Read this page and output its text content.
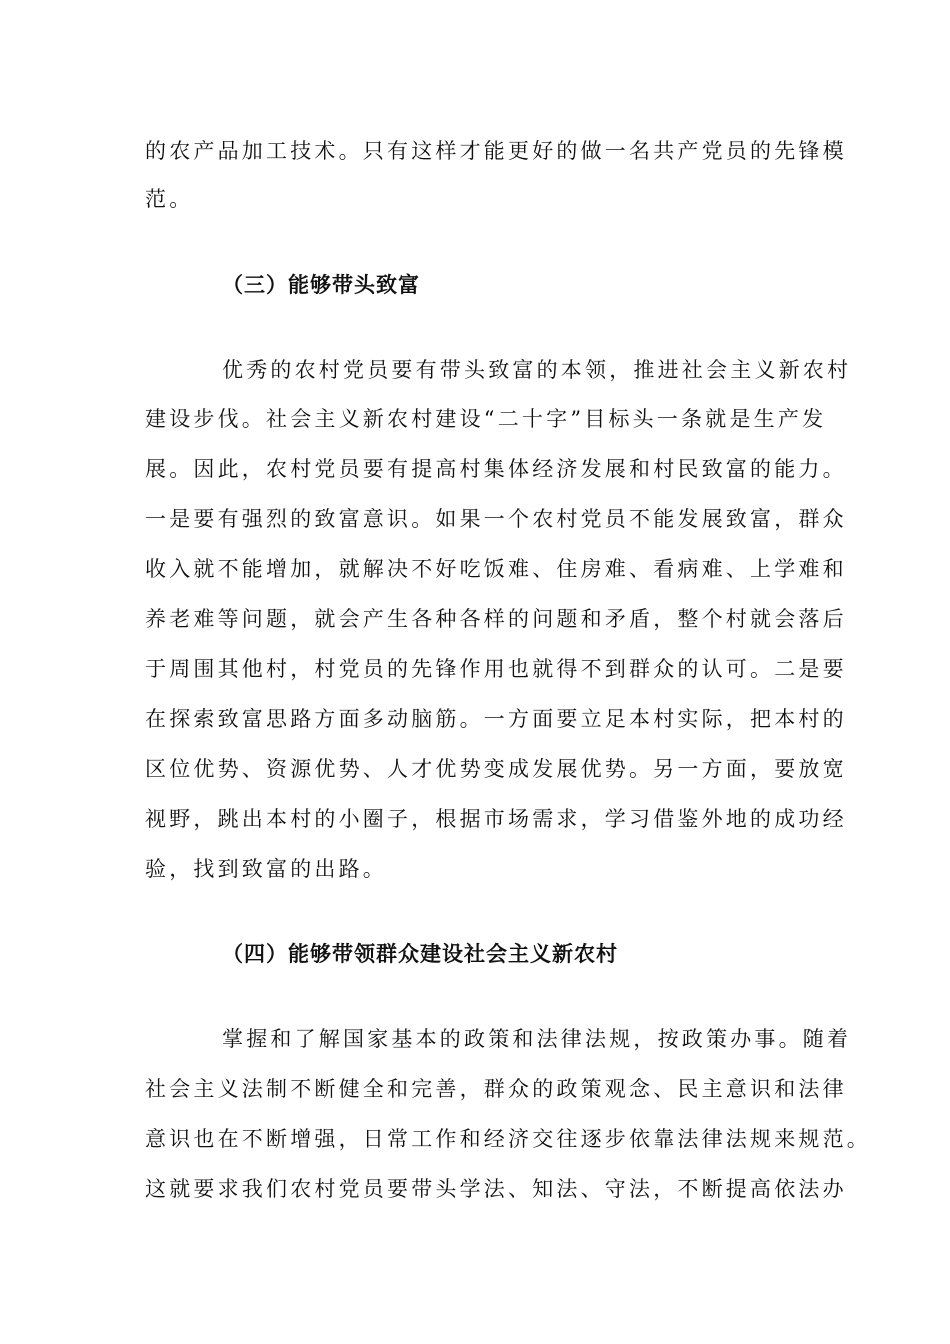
的农产品加工技术。只有这样才能更好的做一名共产党员的先锋模
范。
（三）能够带头致富
优秀的农村党员要有带头致富的本领，推进社会主义新农村
建设步伐。社会主义新农村建设“二十字”目标头一条就是生产发
展。因此，农村党员要有提高村集体经济发展和村民致富的能力。
一是要有强烈的致富意识。如果一个农村党员不能发展致富，群众
收入就不能增加，就解决不好吃饭难、住房难、看病难、上学难和
养老难等问题，就会产生各种各样的问题和矛盾，整个村就会落后
于周围其他村，村党员的先锋作用也就得不到群众的认可。二是要
在探索致富思路方面多动脑筋。一方面要立足本村实际，把本村的
区位优势、资源优势、人才优势变成发展优势。另一方面，要放宽
视野，跳出本村的小圈子，根据市场需求，学习借鉴外地的成功经
验，找到致富的出路。
（四）能够带领群众建设社会主义新农村
掌握和了解国家基本的政策和法律法规，按政策办事。随着
社会主义法制不断健全和完善，群众的政策观念、民主意识和法律
意识也在不断增强，日常工作和经济交往逐步依靠法律法规来规范。
这就要求我们农村党员要带头学法、知法、守法，不断提高依法办
